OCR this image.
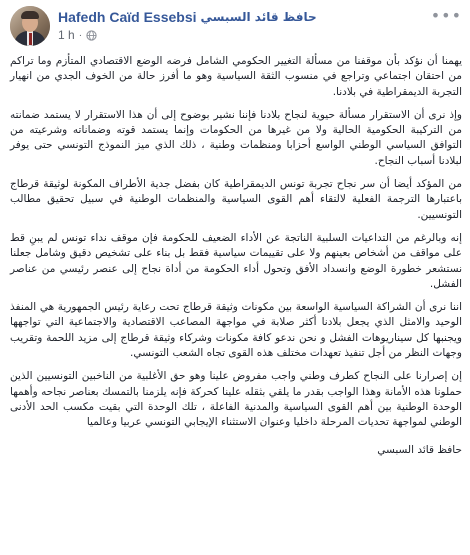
Hafedh Caïd Essebsi حافظ قائد السبسي
1 h ·
•••

يهمنا أن نؤكد بأن موقفنا من مسألة التغيير الحكومي الشامل فرضه الوضع الاقتصادي المتأزم وما تراكم من احتقان اجتماعي وتراجع في منسوب الثقة السياسية وهو ما أفرز حالة من الخوف الجدي من انهيار التجربة الديمقراطية في بلادنا.

وإذ نرى أن الاستقرار مسألة حيوية لنجاح بلادنا فإننا نشير بوضوح إلى أن هذا الاستقرار لا يستمد ضمانته من التركيبة الحكومية الحالية ولا من غيرها من الحكومات وإنما يستمد قوته وضماناته وشرعيته من التوافق السياسي الوطني الواسع أحزابا ومنظمات وطنية ، ذلك الذي ميز النموذج التونسي حتى يوفر لبلادنا أسباب النجاح.

من المؤكد أيضا أن سر نجاح تجربة تونس الديمقراطية كان بفضل جدية الأطراف المكونة لوثيقة قرطاج باعتبارها الترجمة الفعلية لالتقاء أهم القوى السياسية والمنظمات الوطنية في سبيل تحقيق مطالب التونسيين.

إنه وبالرغم من التداعيات السلبية الناتجة عن الأداء الضعيف للحكومة فإن موقف نداء تونس لم يبنِ قط على مواقف من أشخاص بعينهم ولا على تقييمات سياسية فقط بل بناء على تشخيص دقيق وشامل جعلنا نستشعر خطورة الوضع وانسداد الأفق وتحول أداء الحكومة من أداة نجاح إلى عنصر رئيسي من عناصر الفشل.

اننا نرى أن الشراكة السياسية الواسعة بين مكونات وثيقة قرطاج تحت رعاية رئيس الجمهورية هي المنفذ الوحيد والامثل الذي يجعل بلادنا أكثر صلابة في مواجهة المصاعب الاقتصادية والاجتماعية التي تواجهها ويجنبها كل سيناريوهات الفشل و نحن ندعو كافة مكونات وشركاء وثيقة قرطاج إلى مزيد اللحمة وتقريب وجهات النظر من أجل تنفيذ تعهدات مختلف هذه القوى تجاه الشعب التونسي.

إن إصرارنا على النجاح كطرف وطني واجب مفروض علينا وهو حق الأغلبية من الناخبين التونسيين الذين حملونا هذه الأمانة وهذا الواجب بقدر ما يلقي بثقله علينا كحركة فإنه يلزمنا بالتمسك بعناصر نجاحه وأهمها الوحدة الوطنية بين أهم القوى السياسية والمدنية الفاعلة ، تلك الوحدة التي بقيت مكسب الحد الأدنى الوطني لمواجهة تحديات المرحلة داخليا وعنوان الاستثناء الإيجابي التونسي عربيا وعالميا

حافظ قائد السبسي
